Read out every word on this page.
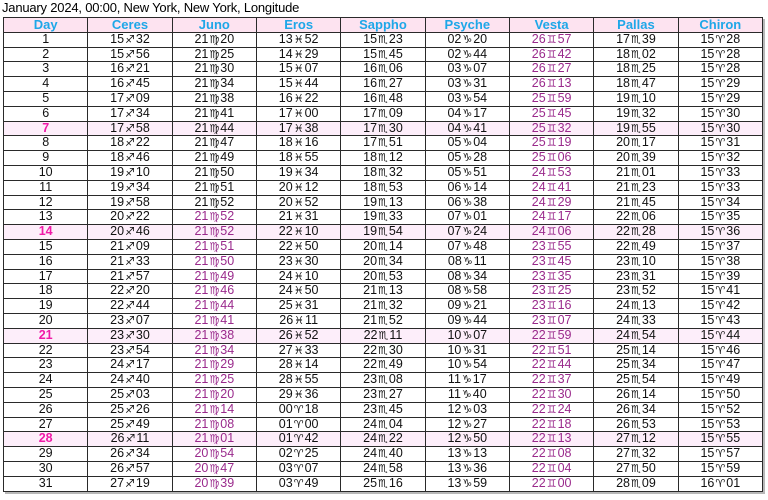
January 2024, 00:00, New York, New York, Longitude
Day	Ceres	Juno	Eros	Sappho	Psyche	Vesta	Pallas	Chiron
1	15♐32	21♍20	13♓52	15♏23	02♑20	26♊57	17♏39	15♈28
2	15♐56	21♍25	14♓29	15♏45	02♑44	26♊42	18♏02	15♈28
3	16♐21	21♍30	15♓07	16♏06	03♑07	26♊27	18♏25	15♈28
4	16♐45	21♍34	15♓44	16♏27	03♑31	26♊13	18♏47	15♈29
5	17♐09	21♍38	16♓22	16♏48	03♑54	25♊59	19♏10	15♈29
6	17♐34	21♍41	17♓00	17♏09	04♑17	25♊45	19♏32	15♈30
7	17♐58	21♍44	17♓38	17♏30	04♑41	25♊32	19♏55	15♈30
8	18♐22	21♍47	18♓16	17♏51	05♑04	25♊19	20♏17	15♈31
9	18♐46	21♍49	18♓55	18♏12	05♑28	25♊06	20♏39	15♈32
10	19♐10	21♍50	19♓34	18♏32	05♑51	24♊53	21♏01	15♈33
11	19♐34	21♍51	20♓12	18♏53	06♑14	24♊41	21♏23	15♈33
12	19♐58	21♍52	20♓52	19♏13	06♑38	24♊29	21♏45	15♈34
13	20♐22	21♍52	21♓31	19♏33	07♑01	24♊17	22♏06	15♈35
14	20♐46	21♍52	22♓10	19♏54	07♑24	24♊06	22♏28	15♈36
15	21♐09	21♍51	22♓50	20♏14	07♑48	23♊55	22♏49	15♈37
16	21♐33	21♍50	23♓30	20♏34	08♑11	23♊45	23♏10	15♈38
17	21♐57	21♍49	24♓10	20♏53	08♑34	23♊35	23♏31	15♈39
18	22♐20	21♍46	24♓50	21♏13	08♑58	23♊25	23♏52	15♈41
19	22♐44	21♍44	25♓31	21♏32	09♑21	23♊16	24♏13	15♈42
20	23♐07	21♍41	26♓11	21♏52	09♑44	23♊07	24♏33	15♈43
21	23♐30	21♍38	26♓52	22♏11	10♑07	22♊59	24♏54	15♈44
22	23♐54	21♍34	27♓33	22♏30	10♑31	22♊51	25♏14	15♈46
23	24♐17	21♍29	28♓14	22♏49	10♑54	22♊44	25♏34	15♈47
24	24♐40	21♍25	28♓55	23♏08	11♑17	22♊37	25♏54	15♈49
25	25♐03	21♍20	29♓36	23♏27	11♑40	22♊30	26♏14	15♈50
26	25♐26	21♍14	00♈18	23♏45	12♑03	22♊24	26♏34	15♈52
27	25♐49	21♍08	01♈00	24♏04	12♑27	22♊18	26♏53	15♈53
28	26♐11	21♍01	01♈42	24♏22	12♑50	22♊13	27♏12	15♈55
29	26♐34	20♍54	02♈25	24♏40	13♑13	22♊08	27♏32	15♈57
30	26♐57	20♍47	03♈07	24♏58	13♑36	22♊04	27♏50	15♈59
31	27♐19	20♍39	03♈49	25♏16	13♑59	22♊00	28♏09	16♈01
